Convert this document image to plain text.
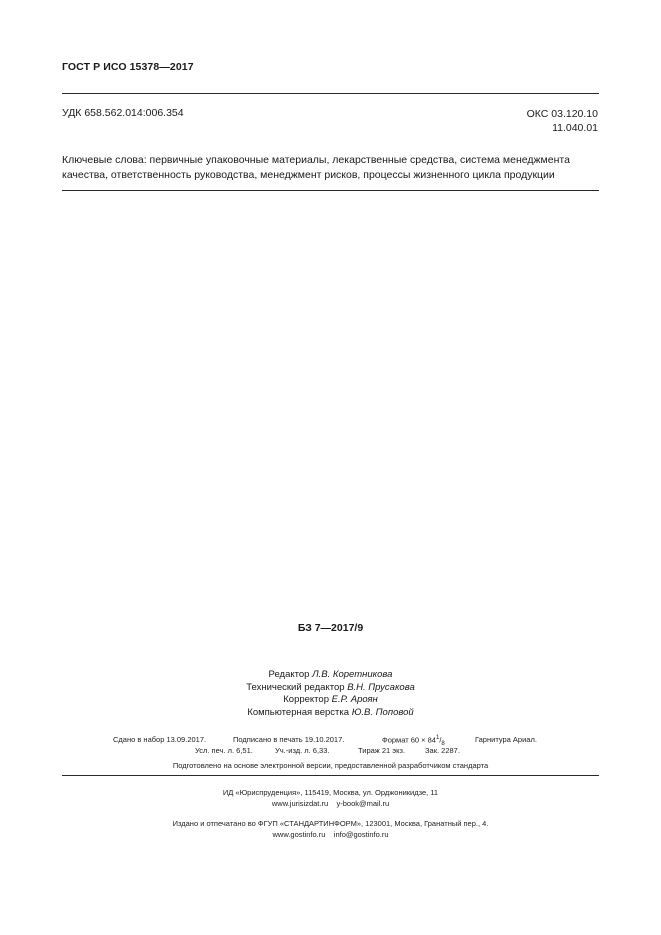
ГОСТ Р ИСО 15378—2017
УДК 658.562.014:006.354	ОКС 03.120.10
11.040.01
Ключевые слова: первичные упаковочные материалы, лекарственные средства, система менеджмента качества, ответственность руководства, менеджмент рисков, процессы жизненного цикла продукции
БЗ 7—2017/9
Редактор Л.В. Коретникова
Технический редактор В.Н. Прусакова
Корректор Е.Р. Ароян
Компьютерная верстка Ю.В. Поповой
Сдано в набор 13.09.2017.	Подписано в печать 19.10.2017.	Формат $60 \times 84^1/_8$	Гарнитура Ариал.
Усл. печ. л. 6,51.	Уч.-изд. л. 6,33.	Тираж 21 экз.	Зак. 2287.
Подготовлено на основе электронной версии, предоставленной разработчиком стандарта
ИД «Юриспруденция», 115419, Москва, ул. Орджоникидзе, 11
www.jurisizdat.ru y-book@mail.ru
Издано и отпечатано во ФГУП «СТАНДАРТИНФОРМ», 123001, Москва, Гранатный пер., 4.
www.gostinfo.ru info@gostinfo.ru
